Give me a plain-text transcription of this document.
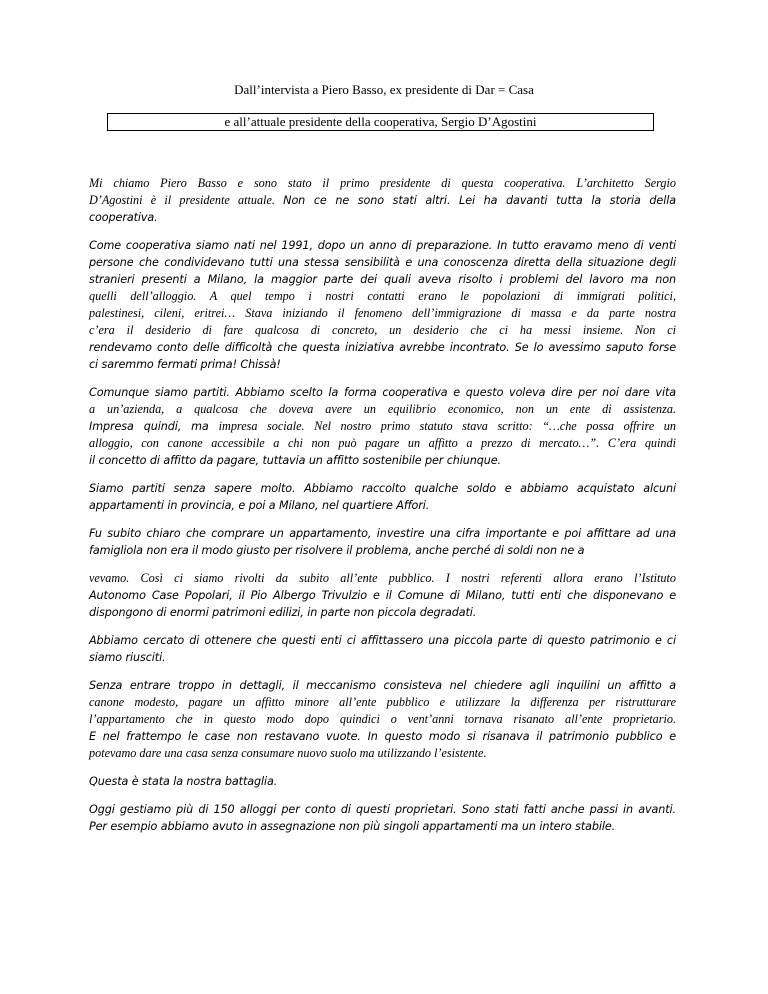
Dall’intervista a Piero Basso, ex presidente di Dar = Casa
e all’attuale presidente della cooperativa, Sergio D’Agostini

Mi chiamo Piero Basso e sono stato il primo presidente di questa cooperativa. L’architetto Sergio
D’Agostini è il presidente attuale. Non ce ne sono stati altri. Lei ha davanti tutta la storia della
cooperativa.

Come cooperativa siamo nati nel 1991, dopo un anno di preparazione. In tutto eravamo meno di venti
persone che condividevano tutti una stessa sensibilità e una conoscenza diretta della situazione degli
stranieri presenti a Milano, la maggior parte dei quali aveva risolto i problemi del lavoro ma non
quelli dell’alloggio. A quel tempo i nostri contatti erano le popolazioni di immigrati politici,
palestinesi, cileni, eritrei… Stava iniziando il fenomeno dell’immigrazione di massa e da parte nostra
c’era il desiderio di fare qualcosa di concreto, un desiderio che ci ha messi insieme. Non ci
rendevamo conto delle difficoltà che questa iniziativa avrebbe incontrato. Se lo avessimo saputo forse
ci saremmo fermati prima! Chissà!

Comunque siamo partiti. Abbiamo scelto la forma cooperativa e questo voleva dire per noi dare vita
a un’azienda, a qualcosa che doveva avere un equilibrio economico, non un ente di assistenza.
Impresa quindi, ma impresa sociale. Nel nostro primo statuto stava scritto: “…che possa offrire un
alloggio, con canone accessibile a chi non può pagare un affitto a prezzo di mercato…”. C’era quindi
il concetto di affitto da pagare, tuttavia un affitto sostenibile per chiunque.

Siamo partiti senza sapere molto. Abbiamo raccolto qualche soldo e abbiamo acquistato alcuni
appartamenti in provincia, e poi a Milano, nel quartiere Affori.

Fu subito chiaro che comprare un appartamento, investire una cifra importante e poi affittare ad una
famigliola non era il modo giusto per risolvere il problema, anche perché di soldi non ne a

vevamo. Così ci siamo rivolti da subito all’ente pubblico. I nostri referenti allora erano l’Istituto
Autonomo Case Popolari, il Pio Albergo Trivulzio e il Comune di Milano, tutti enti che disponevano e
dispongono di enormi patrimoni edilizi, in parte non piccola degradati.

Abbiamo cercato di ottenere che questi enti ci affittassero una piccola parte di questo patrimonio e ci
siamo riusciti.

Senza entrare troppo in dettagli, il meccanismo consisteva nel chiedere agli inquilini un affitto a
canone modesto, pagare un affitto minore all’ente pubblico e utilizzare la differenza per ristrutturare
l’appartamento che in questo modo dopo quindici o vent’anni tornava risanato all’ente proprietario.
E nel frattempo le case non restavano vuote. In questo modo si risanava il patrimonio pubblico e
potevamo dare una casa senza consumare nuovo suolo ma utilizzando l’esistente.

Questa è stata la nostra battaglia.

Oggi gestiamo più di 150 alloggi per conto di questi proprietari. Sono stati fatti anche passi in avanti.
Per esempio abbiamo avuto in assegnazione non più singoli appartamenti ma un intero stabile.
